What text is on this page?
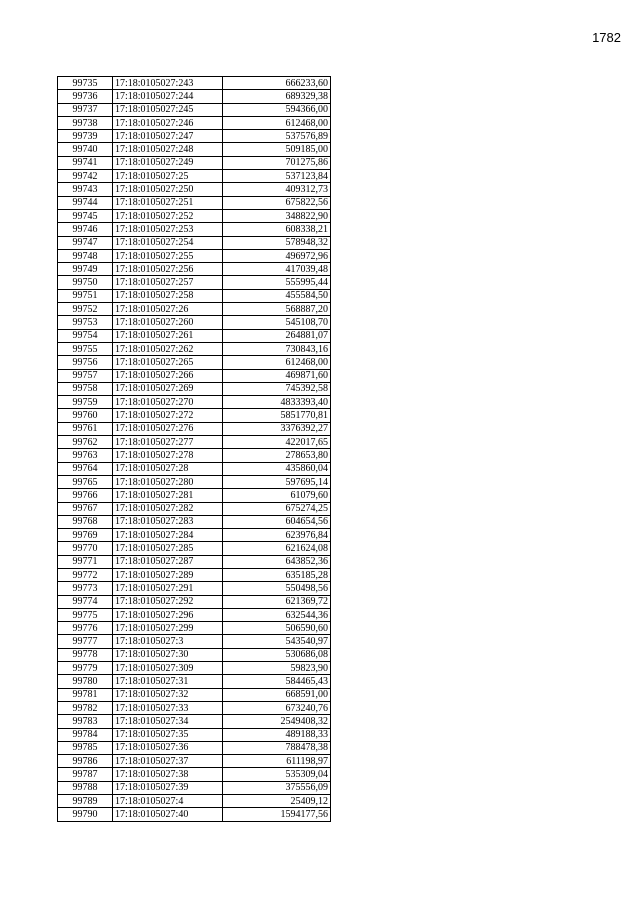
1782
99735	17:18:0105027:243	666233,60
99736	17:18:0105027:244	689329,38
99737	17:18:0105027:245	594366,00
99738	17:18:0105027:246	612468,00
99739	17:18:0105027:247	537576,89
99740	17:18:0105027:248	509185,00
99741	17:18:0105027:249	701275,86
99742	17:18:0105027:25	537123,84
99743	17:18:0105027:250	409312,73
99744	17:18:0105027:251	675822,56
99745	17:18:0105027:252	348822,90
99746	17:18:0105027:253	608338,21
99747	17:18:0105027:254	578948,32
99748	17:18:0105027:255	496972,96
99749	17:18:0105027:256	417039,48
99750	17:18:0105027:257	555995,44
99751	17:18:0105027:258	455584,50
99752	17:18:0105027:26	568887,20
99753	17:18:0105027:260	545108,70
99754	17:18:0105027:261	264881,07
99755	17:18:0105027:262	730843,16
99756	17:18:0105027:265	612468,00
99757	17:18:0105027:266	469871,60
99758	17:18:0105027:269	745392,58
99759	17:18:0105027:270	4833393,40
99760	17:18:0105027:272	5851770,81
99761	17:18:0105027:276	3376392,27
99762	17:18:0105027:277	422017,65
99763	17:18:0105027:278	278653,80
99764	17:18:0105027:28	435860,04
99765	17:18:0105027:280	597695,14
99766	17:18:0105027:281	61079,60
99767	17:18:0105027:282	675274,25
99768	17:18:0105027:283	604654,56
99769	17:18:0105027:284	623976,84
99770	17:18:0105027:285	621624,08
99771	17:18:0105027:287	643852,36
99772	17:18:0105027:289	635185,28
99773	17:18:0105027:291	550498,56
99774	17:18:0105027:292	621369,72
99775	17:18:0105027:296	632544,36
99776	17:18:0105027:299	506590,60
99777	17:18:0105027:3	543540,97
99778	17:18:0105027:30	530686,08
99779	17:18:0105027:309	59823,90
99780	17:18:0105027:31	584465,43
99781	17:18:0105027:32	668591,00
99782	17:18:0105027:33	673240,76
99783	17:18:0105027:34	2549408,32
99784	17:18:0105027:35	489188,33
99785	17:18:0105027:36	788478,38
99786	17:18:0105027:37	611198,97
99787	17:18:0105027:38	535309,04
99788	17:18:0105027:39	375556,09
99789	17:18:0105027:4	25409,12
99790	17:18:0105027:40	1594177,56
